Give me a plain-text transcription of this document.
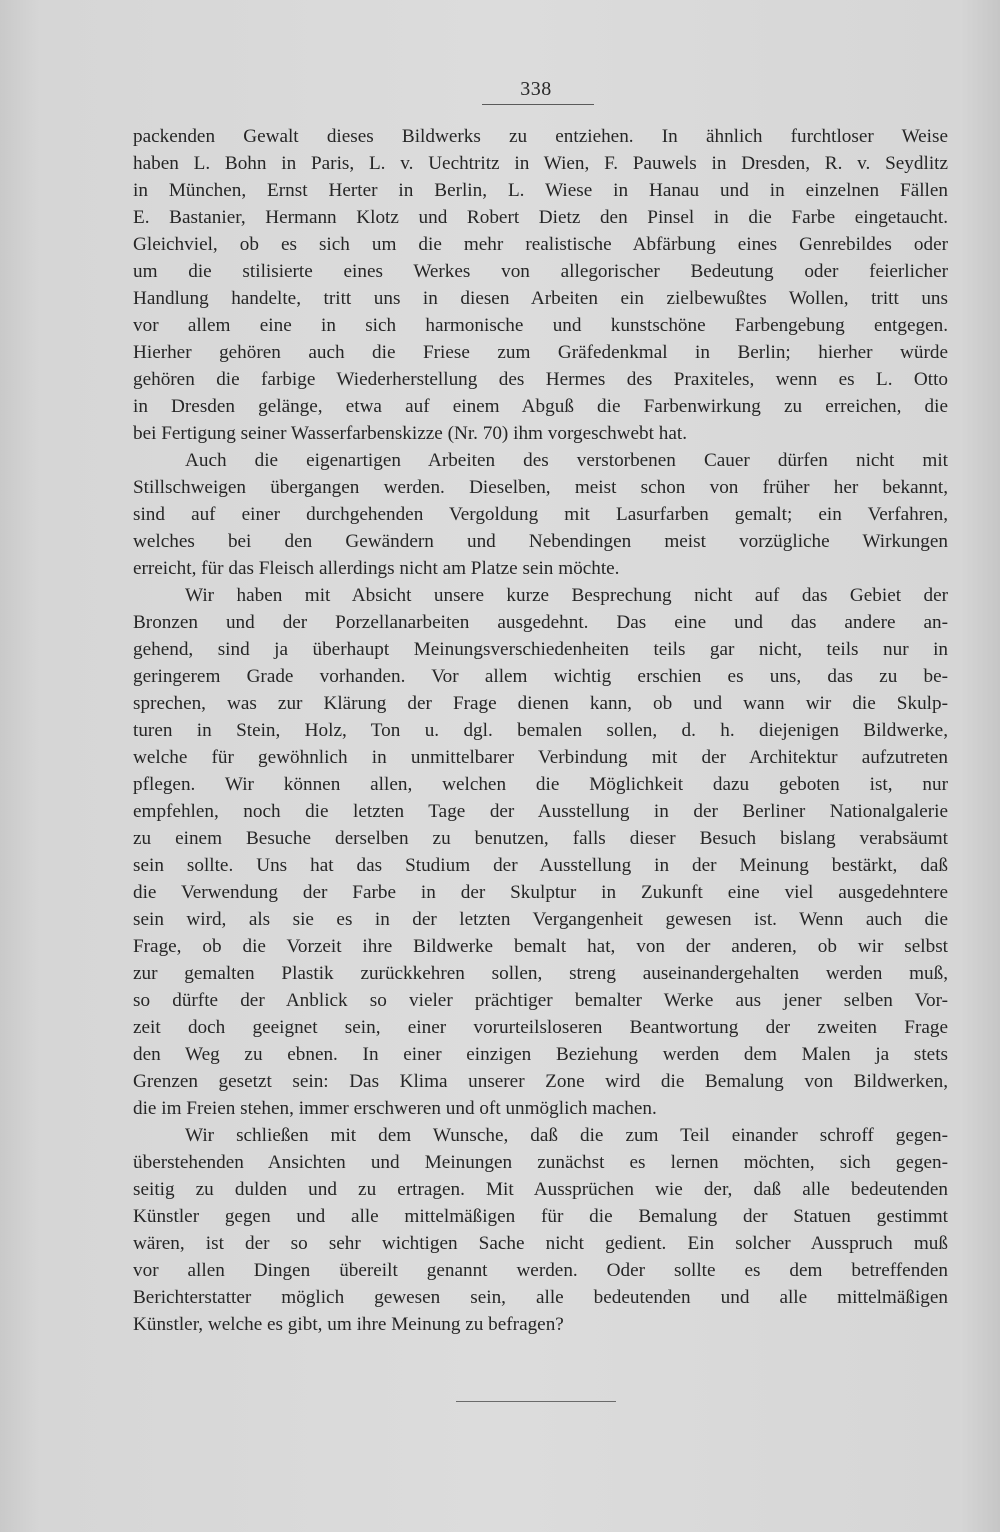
338
packenden Gewalt dieses Bildwerks zu entziehen. In ähnlich furchtloser Weise
haben L. Bohn in Paris, L. v. Uechtritz in Wien, F. Pauwels in Dresden, R. v. Seydlitz
in München, Ernst Herter in Berlin, L. Wiese in Hanau und in einzelnen Fällen
E. Bastanier, Hermann Klotz und Robert Dietz den Pinsel in die Farbe eingetaucht.
Gleichviel, ob es sich um die mehr realistische Abfärbung eines Genrebildes oder
um die stilisierte eines Werkes von allegorischer Bedeutung oder feierlicher
Handlung handelte, tritt uns in diesen Arbeiten ein zielbewußtes Wollen, tritt uns
vor allem eine in sich harmonische und kunstschöne Farbengebung entgegen.
Hierher gehören auch die Friese zum Gräfedenkmal in Berlin; hierher würde
gehören die farbige Wiederherstellung des Hermes des Praxiteles, wenn es L. Otto
in Dresden gelänge, etwa auf einem Abguß die Farbenwirkung zu erreichen, die
bei Fertigung seiner Wasserfarbenskizze (Nr. 70) ihm vorgeschwebt hat.
Auch die eigenartigen Arbeiten des verstorbenen Cauer dürfen nicht mit
Stillschweigen übergangen werden. Dieselben, meist schon von früher her bekannt,
sind auf einer durchgehenden Vergoldung mit Lasurfarben gemalt; ein Verfahren,
welches bei den Gewändern und Nebendingen meist vorzügliche Wirkungen
erreicht, für das Fleisch allerdings nicht am Platze sein möchte.
Wir haben mit Absicht unsere kurze Besprechung nicht auf das Gebiet der
Bronzen und der Porzellanarbeiten ausgedehnt. Das eine und das andere an-
gehend, sind ja überhaupt Meinungsverschiedenheiten teils gar nicht, teils nur in
geringerem Grade vorhanden. Vor allem wichtig erschien es uns, das zu be-
sprechen, was zur Klärung der Frage dienen kann, ob und wann wir die Skulp-
turen in Stein, Holz, Ton u. dgl. bemalen sollen, d. h. diejenigen Bildwerke,
welche für gewöhnlich in unmittelbarer Verbindung mit der Architektur aufzutreten
pflegen. Wir können allen, welchen die Möglichkeit dazu geboten ist, nur
empfehlen, noch die letzten Tage der Ausstellung in der Berliner Nationalgalerie
zu einem Besuche derselben zu benutzen, falls dieser Besuch bislang verabsäumt
sein sollte. Uns hat das Studium der Ausstellung in der Meinung bestärkt, daß
die Verwendung der Farbe in der Skulptur in Zukunft eine viel ausgedehntere
sein wird, als sie es in der letzten Vergangenheit gewesen ist. Wenn auch die
Frage, ob die Vorzeit ihre Bildwerke bemalt hat, von der anderen, ob wir selbst
zur gemalten Plastik zurückkehren sollen, streng auseinandergehalten werden muß,
so dürfte der Anblick so vieler prächtiger bemalter Werke aus jener selben Vor-
zeit doch geeignet sein, einer vorurteilsloseren Beantwortung der zweiten Frage
den Weg zu ebnen. In einer einzigen Beziehung werden dem Malen ja stets
Grenzen gesetzt sein: Das Klima unserer Zone wird die Bemalung von Bildwerken,
die im Freien stehen, immer erschweren und oft unmöglich machen.
Wir schließen mit dem Wunsche, daß die zum Teil einander schroff gegen-
überstehenden Ansichten und Meinungen zunächst es lernen möchten, sich gegen-
seitig zu dulden und zu ertragen. Mit Aussprüchen wie der, daß alle bedeutenden
Künstler gegen und alle mittelmäßigen für die Bemalung der Statuen gestimmt
wären, ist der so sehr wichtigen Sache nicht gedient. Ein solcher Ausspruch muß
vor allen Dingen übereilt genannt werden. Oder sollte es dem betreffenden
Berichterstatter möglich gewesen sein, alle bedeutenden und alle mittelmäßigen
Künstler, welche es gibt, um ihre Meinung zu befragen?
